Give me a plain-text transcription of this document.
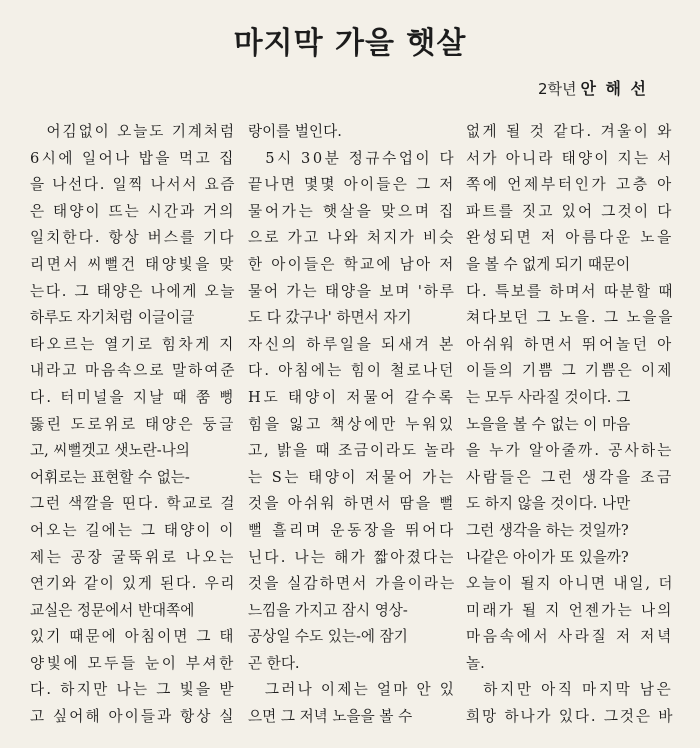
마지막 가을 햇살
2학년 안 해 선
　어김없이 오늘도 기계처럼
6시에 일어나 밥을 먹고 집
을 나선다. 일찍 나서서 요즘
은 태양이 뜨는 시간과 거의
일치한다. 항상 버스를 기다
리면서 씨뻘건 태양빛을 맞
는다. 그 태양은 나에게 오늘
하루도 자기처럼 이글이글
타오르는 열기로 힘차게 지
내라고 마음속으로 말하여준
다. 터미널을 지날 때 쭘 뻥
뚫린 도로위로 태양은 둥글
고, 씨뻘겟고 샛노란-나의
어휘로는 표현할 수 없는-
그런 색깔을 띤다. 학교로 걸
어오는 길에는 그 태양이 이
제는 공장 굴뚝위로 나오는
연기와 같이 있게 된다. 우리
교실은 정문에서 반대쪽에
있기 때문에 아침이면 그 태
양빛에 모두들 눈이 부셔한
다. 하지만 나는 그 빛을 받
고 싶어해 아이들과 항상 실
랑이를 벌인다.
　5시 30분 정규수업이 다
끝나면 몇몇 아이들은 그 저
물어가는 햇살을 맞으며 집
으로 가고 나와 처지가 비슷
한 아이들은 학교에 남아 저
물어 가는 태양을 보며 '하루
도 다 갔구나' 하면서 자기
자신의 하루일을 되새겨 본
다. 아침에는 힘이 철로나던
H도 태양이 저물어 갈수록
힘을 잃고 책상에만 누워있
고, 밝을 때 조금이라도 놀라
는 S는 태양이 저물어 가는
것을 아쉬워 하면서 땀을 뻘
뻘 흘리며 운동장을 뛰어다
닌다. 나는 해가 짧아졌다는
것을 실감하면서 가을이라는
느낌을 가지고 잠시 영상-
공상일 수도 있는-에 잠기
곤 한다.
　그러나 이제는 얼마 안 있
으면 그 저녁 노을을 볼 수
없게 될 것 같다. 겨울이 와
서가 아니라 태양이 지는 서
쪽에 언제부터인가 고층 아
파트를 짓고 있어 그것이 다
완성되면 저 아름다운 노을
을 볼 수 없게 되기 때문이
다. 특보를 하며서 따분할 때
쳐다보던 그 노을. 그 노을을
아쉬워 하면서 뛰어놀던 아
이들의 기쁨 그 기쁨은 이제
는 모두 사라질 것이다. 그
노을을 볼 수 없는 이 마음
을 누가 알아줄까. 공사하는
사람들은 그런 생각을 조금
도 하지 않을 것이다. 나만
그런 생각을 하는 것일까?
나같은 아이가 또 있을까?
오늘이 될지 아니면 내일, 더
미래가 될 지 언젠가는 나의
마음속에서 사라질 저 저녁
놀.
　하지만 아직 마지막 남은
희망 하나가 있다. 그것은 바
